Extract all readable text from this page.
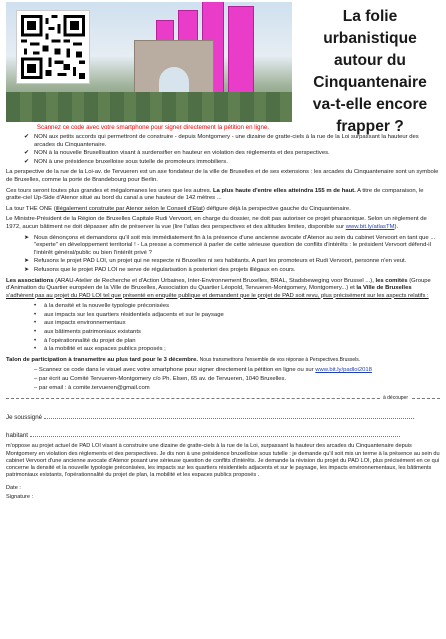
La folie urbanistique autour du Cinquantenaire va-t-elle encore frapper ?
Scannez ce code avec votre smartphone pour signer directement la pétition en ligne.
✔ NON aux petits accords qui permettront de construire - depuis Montgomery - une dizaine de gratte-ciels à la rue de la Loi surpassant la hauteur des arcades du Cinquantenaire.
✔ NON à la nouvelle Bruxellisation visant à surdensifier en hauteur en violation des règlements et des perspectives.
✔ NON à une présidence bruxelloise sous tutelle de promoteurs immobiliers.

La perspective de la rue de la Loi-av. de Tervueren est un axe fondateur de la ville de Bruxelles et de ses extensions : les arcades du Cinquantenaire sont un symbole de Bruxelles, comme la porte de Brandebourg pour Berlin.

Ces tours seront toutes plus grandes et mégalomanes les unes que les autres. La plus haute d'entre elles atteindra 155 m de haut. A titre de comparaison, le gratte-ciel Up-Side d'Atenor situé au bord du canal a une hauteur de 142 mètres ...

La tour THE ONE (illégalement construite par Atenor selon le Conseil d'Etat) défigure déjà la perspective gauche du Cinquantenaire.

Le Ministre-Président de la Région de Bruxelles Capitale Rudi Vervoort, en charge du dossier, ne doit pas autoriser ce projet pharaonique. Selon un règlement de 1972, aucun bâtiment ne doit dépasser afin de préserver la vue (lire l'atlas des perspectives et des altitudes limites, disponible sur www.bit.ly/atlasTM).

➤ Nous dénonçons et demandons qu'il soit mis immédiatement fin à la présence d'une ancienne avocate d'Atenor au sein du cabinet Vervoort en tant que ... "experte" en développement territorial ! - La presse a commencé à parler de cette sérieuse question de conflits d'intérêts : le président Vervoort défend-il l'intérêt général/public ou bien l'intérêt privé ?
➤ Refusons le projet PAD LOI, un projet qui ne respecte ni Bruxelles ni ses habitants. A part les promoteurs et Rudi Vervoort, personne n'en veut.
➤ Refusons que le projet PAD LOI ne serve de régularisation à posteriori des projets illégaux en cours.

Les associations (ARAU-Atelier de Recherche et d'Action Urbaines, Inter-Environnement Bruxelles, BRAL, Stadsbeweging voor Brussel ...), les comités (Groupe d'Animation du Quartier européen de la Ville de Bruxelles, Association du Quartier Léopold, Tervueren-Montgomery, Montgomery...) et la Ville de Bruxelles s'adhèrent pas au projet du PAD LOI tel que présenté en enquête publique et demandent que le projet de PAD soit revu, plus précisément sur les aspects relatifs :

• à la densité et la nouvelle typologie préconisées
• aux impacts sur les quartiers résidentiels adjacents et sur le paysage
• aux impacts environnementaux
• aux bâtiments patrimoniaux existants
• à l'opérationnalité du projet de plan
• à la mobilité et aux espaces publics proposés ;

Talon de participation à transmettre au plus tard pour le 3 décembre. Nous transmettrons l'ensemble de vos réponse à Perspectives.Brussels.

– Scannez ce code dans le visuel avec votre smartphone pour signer directement la pétition en ligne ou sur www.bit.ly/padloi2018
– par écrit au Comité Tervueren-Montgomery c/o Ph. Elsen, 65 av. de Tervueren, 1040 Bruxelles.
– par email : à comite.tervueren@gmail.com
à découper
Je soussigné
habitant

m'oppose au projet actuel de PAD LOI visant à construire une dizaine de gratte-ciels à la rue de la Loi, surpassant la hauteur des arcades du Cinquantenaire depuis Montgomery en violation des règlements et des perspectives. Je dis non à une présidence bruxelloise sous tutelle : je demande qu'il soit mis un terme à la présence au sein du cabinet Vervoort d'une ancienne avocate d'Atenor posant une sérieuse question de conflits d'intérêts. Je demande la révision du projet du PAD LOI, plus précisément en ce qui concerne la densité et la nouvelle typologie préconisées, les impacts sur les quartiers résidentiels adjacents et sur le paysage, les impacts environnementaux, les bâtiments patrimoniaux existants, l'opérationnalité du projet de plan, la mobilité et les espaces publics proposés .

Date :
Signature :
